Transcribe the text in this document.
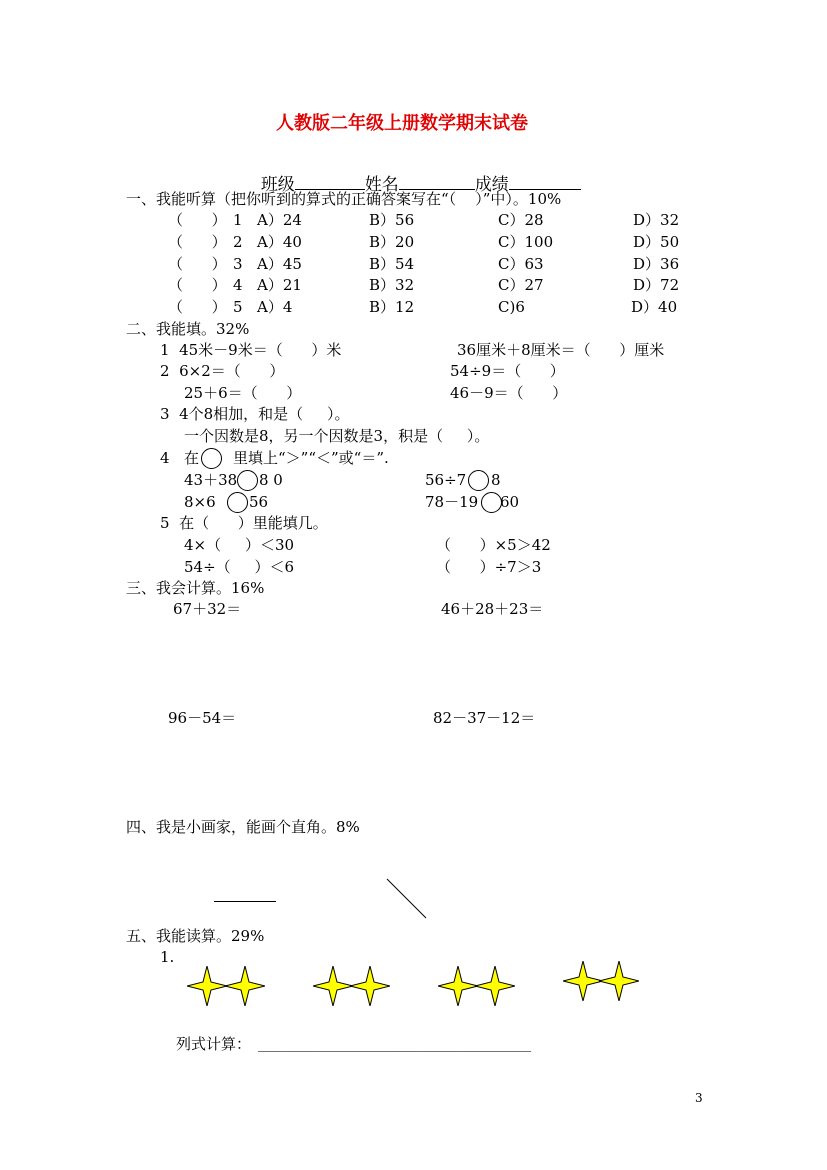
人教版二年级上册数学期末试卷

班级	姓名	成绩

一、我能听算（把你听到的算式的正确答案写在“（    ）”中）。10%
（      ） 1 A）24	B）56	C）28	D）32
（      ） 2 A）40	B）20	C）100	D）50
（      ） 3 A）45	B）54	C）63	D）36
（      ） 4 A）21	B）32	C）27	D）72
（      ） 5 A）4	B）12	C)6	D）40
二、我能填。32%
1  45米－9米＝（      ）米	36厘米＋8厘米＝（      ）厘米
2  6×2＝（      ）	54÷9＝（      ）
25＋6＝（      ）	46－9＝（      ）
3  4个8相加，和是（     ）。
一个因数是8，另一个因数是3，积是（     ）。
4 在 里填上“＞”“＜”或“＝”.
43＋38 8 0	56÷7 8
8×6 56	78－19 60
5  在（      ）里能填几。
4×（     ）＜30	（      ）×5＞42
54÷（     ）＜6	（      ）÷7＞3
三、我会计算。16%
67＋32＝	46＋28＋23＝
96－54＝	82－37－12＝
四、我是小画家，能画个直角。8%
五、我能读算。29%
1.
列式计算： ________________________________
3
